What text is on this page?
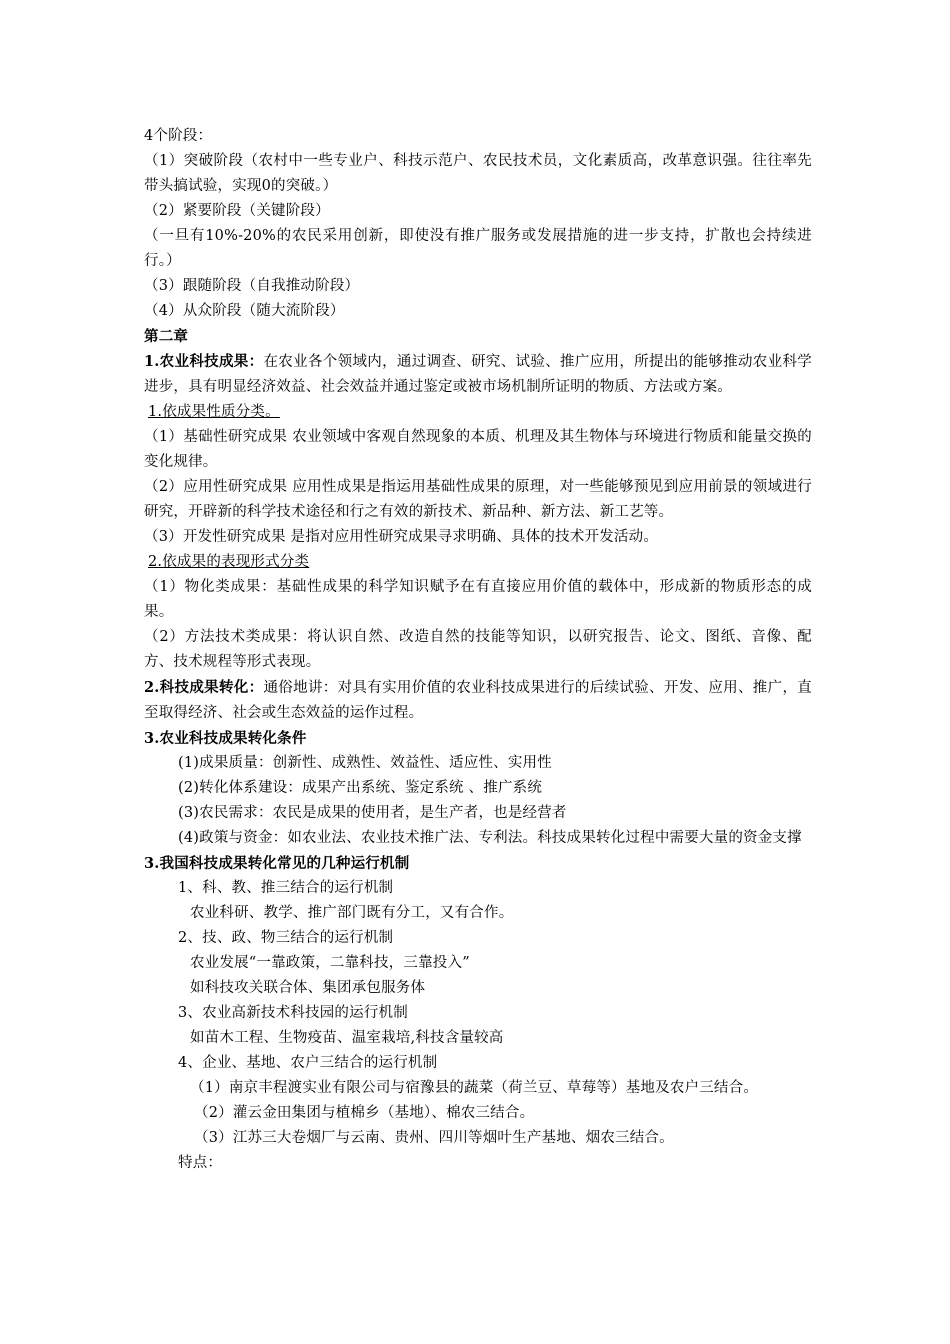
4个阶段：

（1）突破阶段（农村中一些专业户、科技示范户、农民技术员，文化素质高，改革意识强。往往率先带头搞试验，实现0的突破。）

（2）紧要阶段（关键阶段）

（一旦有10%-20%的农民采用创新，即使没有推广服务或发展措施的进一步支持，扩散也会持续进行。）

（3）跟随阶段（自我推动阶段）

（4）从众阶段（随大流阶段）

第二章

1.农业科技成果：在农业各个领域内，通过调查、研究、试验、推广应用，所提出的能够推动农业科学进步，具有明显经济效益、社会效益并通过鉴定或被市场机制所证明的物质、方法或方案。

1.依成果性质分类。

（1）基础性研究成果 农业领域中客观自然现象的本质、机理及其生物体与环境进行物质和能量交换的变化规律。

（2）应用性研究成果 应用性成果是指运用基础性成果的原理，对一些能够预见到应用前景的领域进行研究，开辟新的科学技术途径和行之有效的新技术、新品种、新方法、新工艺等。

（3）开发性研究成果 是指对应用性研究成果寻求明确、具体的技术开发活动。

2.依成果的表现形式分类

（1）物化类成果：基础性成果的科学知识赋予在有直接应用价值的载体中，形成新的物质形态的成果。

（2）方法技术类成果：将认识自然、改造自然的技能等知识，以研究报告、论文、图纸、音像、配方、技术规程等形式表现。

2.科技成果转化：通俗地讲：对具有实用价值的农业科技成果进行的后续试验、开发、应用、推广，直至取得经济、社会或生态效益的运作过程。

3.农业科技成果转化条件

(1)成果质量：创新性、成熟性、效益性、适应性、实用性

(2)转化体系建设：成果产出系统、鉴定系统 、推广系统

(3)农民需求：农民是成果的使用者，是生产者，也是经营者

(4)政策与资金：如农业法、农业技术推广法、专利法。科技成果转化过程中需要大量的资金支撑

3.我国科技成果转化常见的几种运行机制

1、科、教、推三结合的运行机制

农业科研、教学、推广部门既有分工，又有合作。

2、技、政、物三结合的运行机制

农业发展“一靠政策，二靠科技，三靠投入”

如科技攻关联合体、集团承包服务体

3、农业高新技术科技园的运行机制

如苗木工程、生物疫苗、温室栽培,科技含量较高

4、企业、基地、农户三结合的运行机制

（1）南京丰程渡实业有限公司与宿豫县的蔬菜（荷兰豆、草莓等）基地及农户三结合。

（2）灌云金田集团与植棉乡（基地）、棉农三结合。

（3）江苏三大卷烟厂与云南、贵州、四川等烟叶生产基地、烟农三结合。

特点：
